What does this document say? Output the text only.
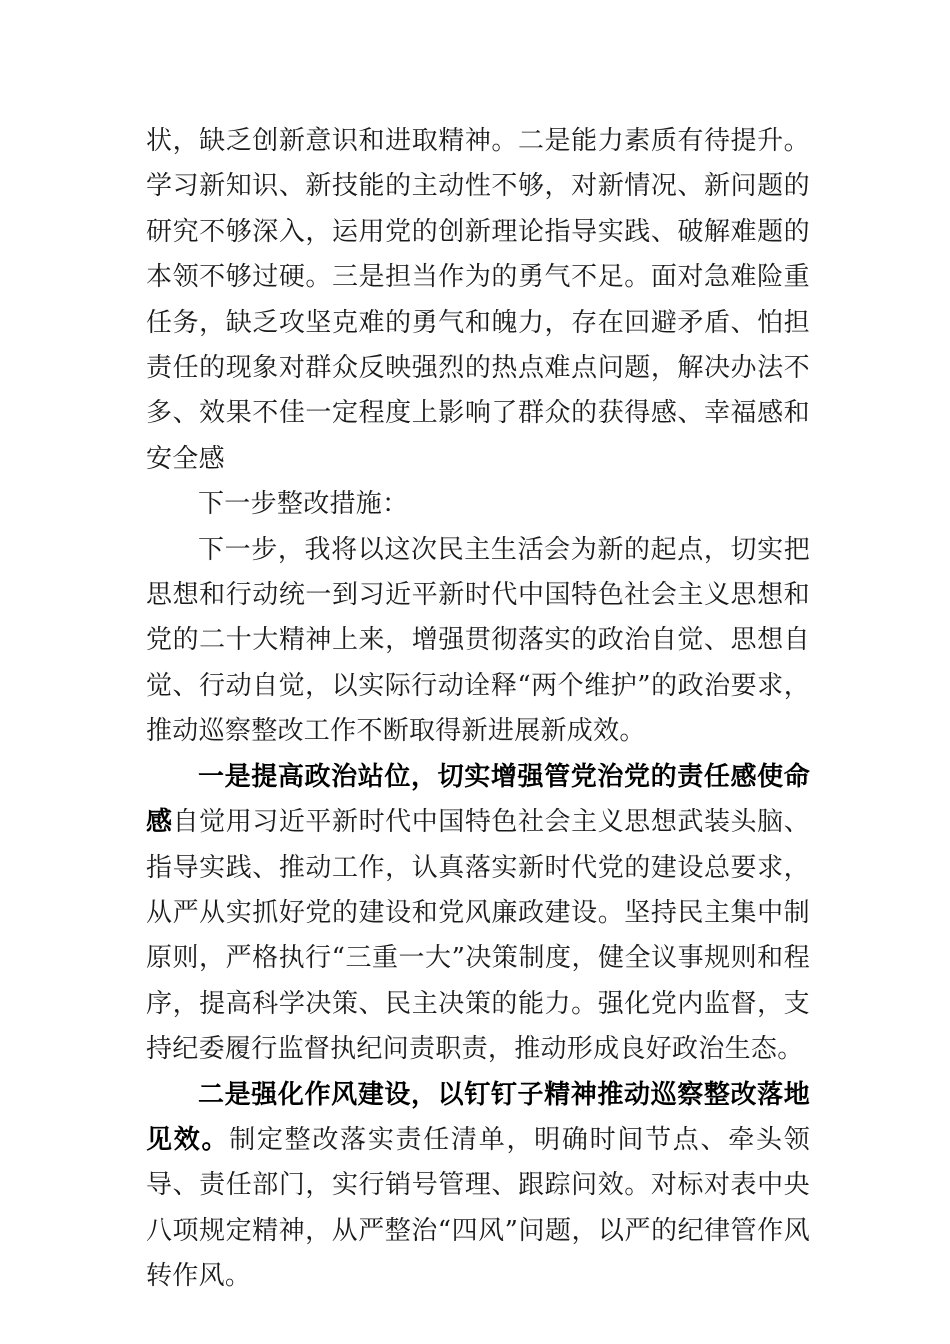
状，缺乏创新意识和进取精神。二是能力素质有待提升。学习新知识、新技能的主动性不够，对新情况、新问题的研究不够深入，运用党的创新理论指导实践、破解难题的本领不够过硬。三是担当作为的勇气不足。面对急难险重任务，缺乏攻坚克难的勇气和魄力，存在回避矛盾、怕担责任的现象对群众反映强烈的热点难点问题，解决办法不多、效果不佳一定程度上影响了群众的获得感、幸福感和安全感

下一步整改措施：

下一步，我将以这次民主生活会为新的起点，切实把思想和行动统一到习近平新时代中国特色社会主义思想和党的二十大精神上来，增强贯彻落实的政治自觉、思想自觉、行动自觉，以实际行动诠释“两个维护”的政治要求，推动巡察整改工作不断取得新进展新成效。

一是提高政治站位，切实增强管党治党的责任感使命感自觉用习近平新时代中国特色社会主义思想武装头脑、指导实践、推动工作，认真落实新时代党的建设总要求，从严从实抓好党的建设和党风廉政建设。坚持民主集中制原则，严格执行“三重一大”决策制度，健全议事规则和程序，提高科学决策、民主决策的能力。强化党内监督，支持纪委履行监督执纪问责职责，推动形成良好政治生态。

二是强化作风建设，以钉钉子精神推动巡察整改落地见效。制定整改落实责任清单，明确时间节点、牵头领导、责任部门，实行销号管理、跟踪问效。对标对表中央八项规定精神，从严整治“四风”问题，以严的纪律管作风转作风。
